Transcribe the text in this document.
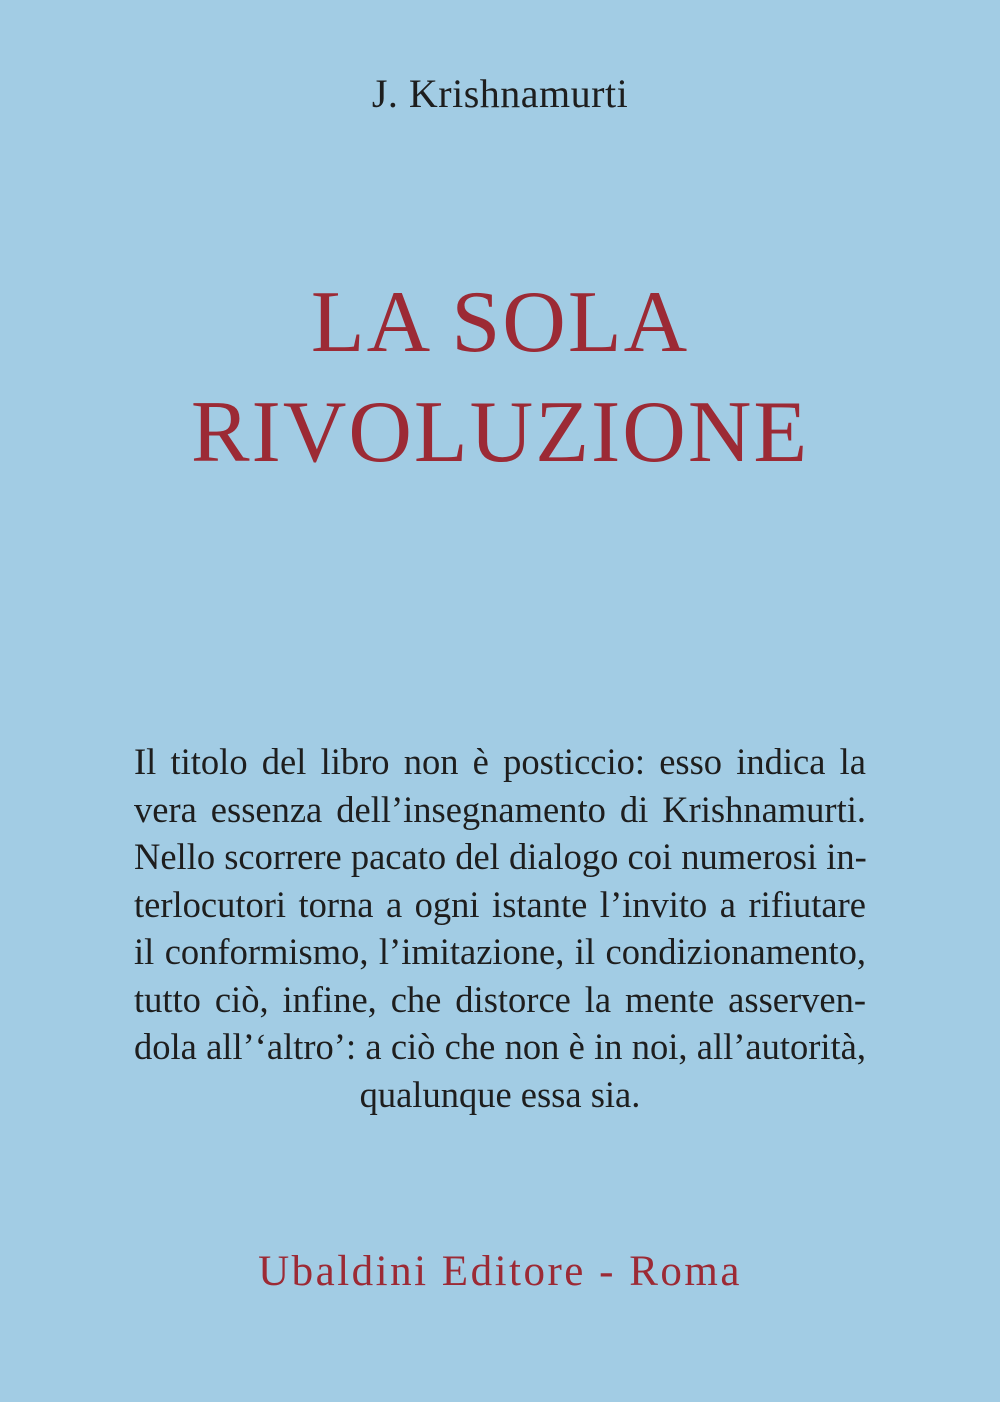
J. Krishnamurti
LA SOLA
RIVOLUZIONE
Il titolo del libro non è posticcio: esso indica la
vera essenza dell’insegnamento di Krishnamurti.
Nello scorrere pacato del dialogo coi numerosi in-
terlocutori torna a ogni istante l’invito a rifiutare
il conformismo, l’imitazione, il condizionamento,
tutto ciò, infine, che distorce la mente asserven-
dola all’‘altro’: a ciò che non è in noi, all’autorità,
qualunque essa sia.
Ubaldini Editore - Roma
